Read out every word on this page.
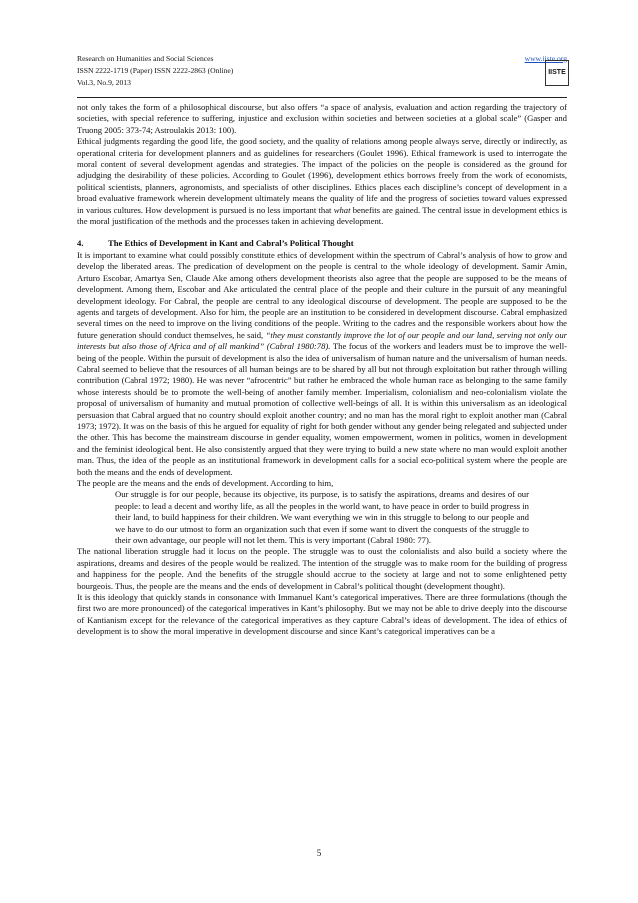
Research on Humanities and Social Sciences	www.iiste.org
ISSN 2222-1719 (Paper) ISSN 2222-2863 (Online)
Vol.3, No.9, 2013
IISTE

not only takes the form of a philosophical discourse, but also offers “a space of analysis, evaluation and action regarding the trajectory of societies, with special reference to suffering, injustice and exclusion within societies and between societies at a global scale” (Gasper and Truong 2005: 373-74; Astroulakis 2013: 100).

Ethical judgments regarding the good life, the good society, and the quality of relations among people always serve, directly or indirectly, as operational criteria for development planners and as guidelines for researchers (Goulet 1996). Ethical framework is used to interrogate the moral content of several development agendas and strategies. The impact of the policies on the people is considered as the ground for adjudging the desirability of these policies. According to Goulet (1996), development ethics borrows freely from the work of economists, political scientists, planners, agronomists, and specialists of other disciplines. Ethics places each discipline’s concept of development in a broad evaluative framework wherein development ultimately means the quality of life and the progress of societies toward values expressed in various cultures. How development is pursued is no less important that what benefits are gained. The central issue in development ethics is the moral justification of the methods and the processes taken in achieving development.

4.	The Ethics of Development in Kant and Cabral’s Political Thought

It is important to examine what could possibly constitute ethics of development within the spectrum of Cabral’s analysis of how to grow and develop the liberated areas. The predication of development on the people is central to the whole ideology of development. Samir Amin, Arturo Escobar, Amartya Sen, Claude Ake among others development theorists also agree that the people are supposed to be the means of development. Among them, Escobar and Ake articulated the central place of the people and their culture in the pursuit of any meaningful development ideology. For Cabral, the people are central to any ideological discourse of development. The people are supposed to be the agents and targets of development. Also for him, the people are an institution to be considered in development discourse. Cabral emphasized several times on the need to improve on the living conditions of the people. Writing to the cadres and the responsible workers about how the future generation should conduct themselves, he said, “they must constantly improve the lot of our people and our land, serving not only our interests but also those of Africa and of all mankind” (Cabral 1980:78). The focus of the workers and leaders must be to improve the well-being of the people. Within the pursuit of development is also the idea of universalism of human nature and the universalism of human needs. Cabral seemed to believe that the resources of all human beings are to be shared by all but not through exploitation but rather through willing contribution (Cabral 1972; 1980). He was never “afrocentric” but rather he embraced the whole human race as belonging to the same family whose interests should be to promote the well-being of another family member. Imperialism, colonialism and neo-colonialism violate the proposal of universalism of humanity and mutual promotion of collective well-beings of all. It is within this universalism as an ideological persuasion that Cabral argued that no country should exploit another country; and no man has the moral right to exploit another man (Cabral 1973; 1972). It was on the basis of this he argued for equality of right for both gender without any gender being relegated and subjected under the other. This has become the mainstream discourse in gender equality, women empowerment, women in politics, women in development and the feminist ideological bent. He also consistently argued that they were trying to build a new state where no man would exploit another man. Thus, the idea of the people as an institutional framework in development calls for a social eco-political system where the people are both the means and the ends of development.

The people are the means and the ends of development. According to him,

Our struggle is for our people, because its objective, its purpose, is to satisfy the aspirations, dreams and desires of our people: to lead a decent and worthy life, as all the peoples in the world want, to have peace in order to build progress in their land, to build happiness for their children. We want everything we win in this struggle to belong to our people and we have to do our utmost to form an organization such that even if some want to divert the conquests of the struggle to their own advantage, our people will not let them. This is very important (Cabral 1980: 77).

The national liberation struggle had it locus on the people. The struggle was to oust the colonialists and also build a society where the aspirations, dreams and desires of the people would be realized. The intention of the struggle was to make room for the building of progress and happiness for the people. And the benefits of the struggle should accrue to the society at large and not to some enlightened petty bourgeois. Thus, the people are the means and the ends of development in Cabral’s political thought (development thought).

It is this ideology that quickly stands in consonance with Immanuel Kant’s categorical imperatives. There are three formulations (though the first two are more pronounced) of the categorical imperatives in Kant’s philosophy. But we may not be able to drive deeply into the discourse of Kantianism except for the relevance of the categorical imperatives as they capture Cabral’s ideas of development. The idea of ethics of development is to show the moral imperative in development discourse and since Kant’s categorical imperatives can be a

5
